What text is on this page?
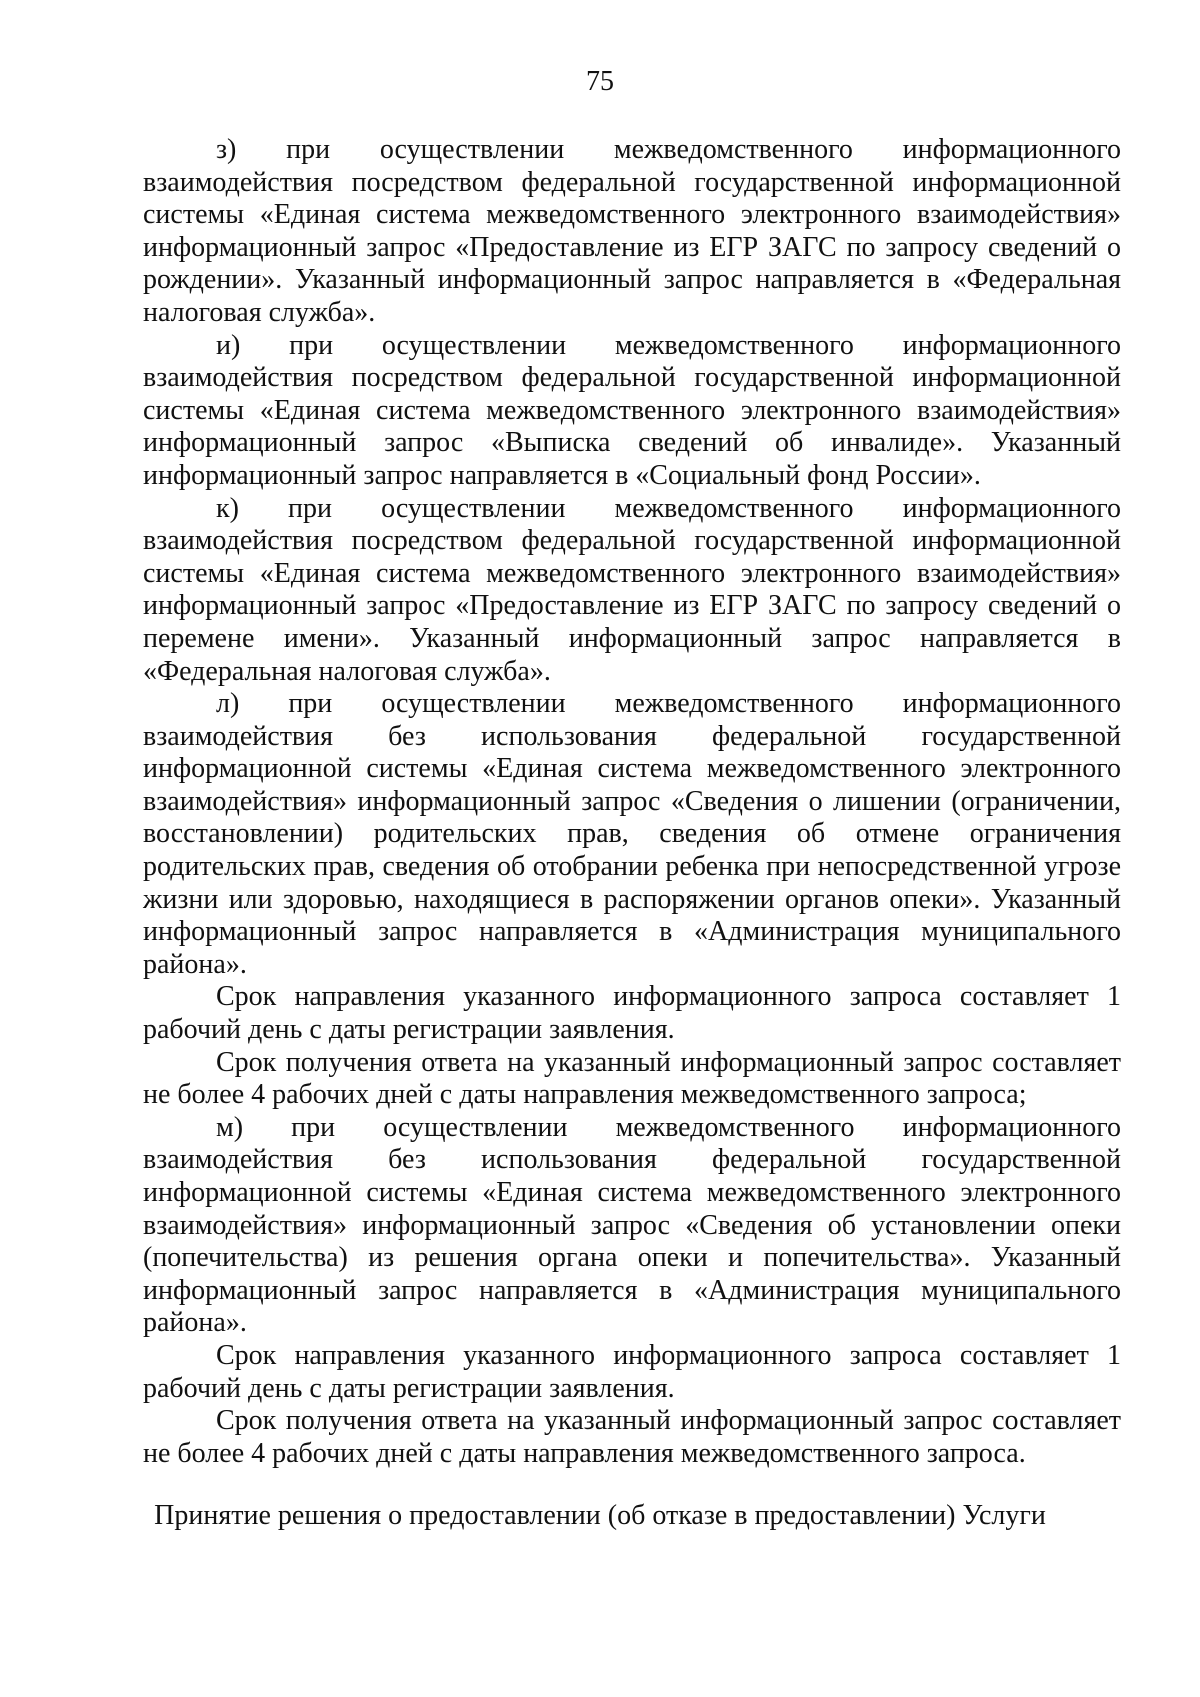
75

з) при осуществлении межведомственного информационного взаимодействия посредством федеральной государственной информационной системы «Единая система межведомственного электронного взаимодействия» информационный запрос «Предоставление из ЕГР ЗАГС по запросу сведений о рождении». Указанный информационный запрос направляется в «Федеральная налоговая служба».

и) при осуществлении межведомственного информационного взаимодействия посредством федеральной государственной информационной системы «Единая система межведомственного электронного взаимодействия» информационный запрос «Выписка сведений об инвалиде». Указанный информационный запрос направляется в «Социальный фонд России».

к) при осуществлении межведомственного информационного взаимодействия посредством федеральной государственной информационной системы «Единая система межведомственного электронного взаимодействия» информационный запрос «Предоставление из ЕГР ЗАГС по запросу сведений о перемене имени». Указанный информационный запрос направляется в «Федеральная налоговая служба».

л) при осуществлении межведомственного информационного взаимодействия без использования федеральной государственной информационной системы «Единая система межведомственного электронного взаимодействия» информационный запрос «Сведения о лишении (ограничении, восстановлении) родительских прав, сведения об отмене ограничения родительских прав, сведения об отобрании ребенка при непосредственной угрозе жизни или здоровью, находящиеся в распоряжении органов опеки». Указанный информационный запрос направляется в «Администрация муниципального района».

Срок направления указанного информационного запроса составляет 1 рабочий день с даты регистрации заявления.

Срок получения ответа на указанный информационный запрос составляет не более 4 рабочих дней с даты направления межведомственного запроса;

м) при осуществлении межведомственного информационного взаимодействия без использования федеральной государственной информационной системы «Единая система межведомственного электронного взаимодействия» информационный запрос «Сведения об установлении опеки (попечительства) из решения органа опеки и попечительства». Указанный информационный запрос направляется в «Администрация муниципального района».

Срок направления указанного информационного запроса составляет 1 рабочий день с даты регистрации заявления.

Срок получения ответа на указанный информационный запрос составляет не более 4 рабочих дней с даты направления межведомственного запроса.

Принятие решения о предоставлении (об отказе в предоставлении) Услуги
